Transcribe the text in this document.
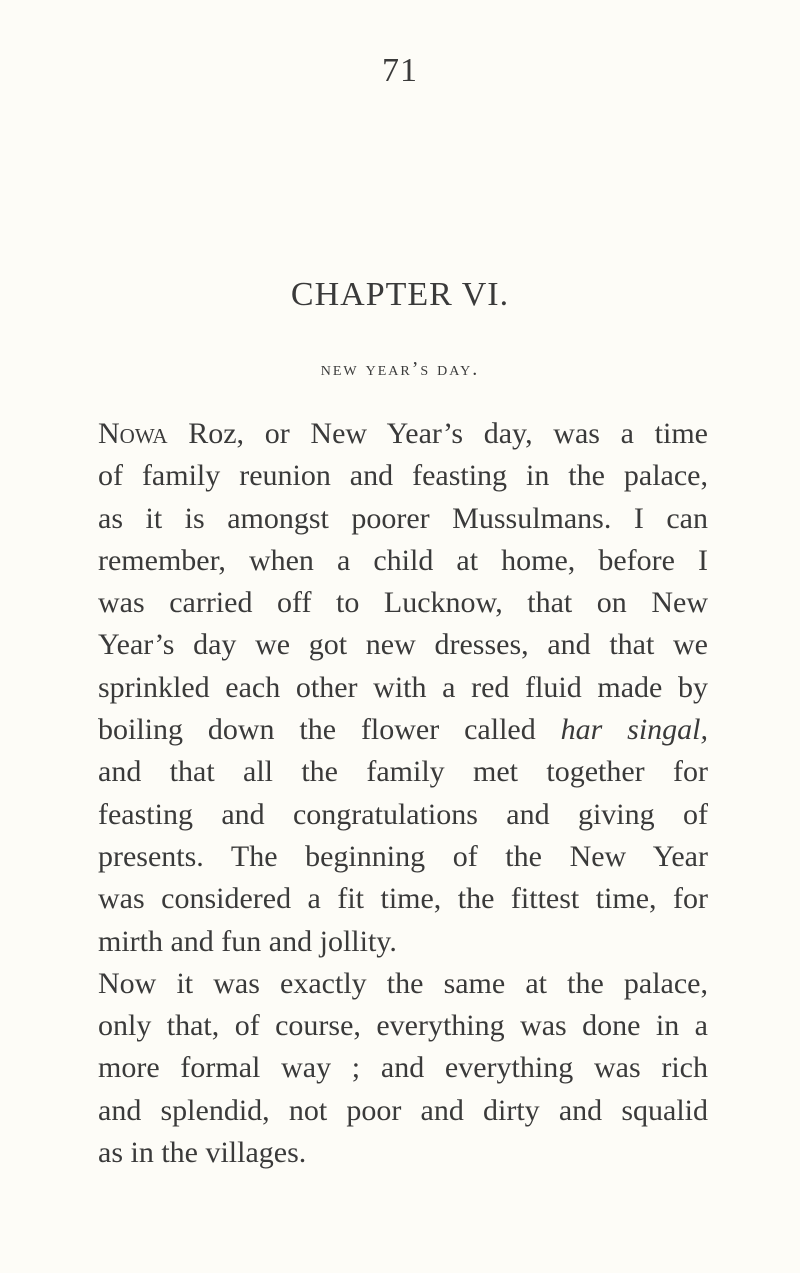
71
CHAPTER VI.
new year’s day.
Nowa Roz, or New Year’s day, was a time
of family reunion and feasting in the palace,
as it is amongst poorer Mussulmans. I can
remember, when a child at home, before I
was carried off to Lucknow, that on New
Year’s day we got new dresses, and that we
sprinkled each other with a red fluid made by
boiling down the flower called har singal,
and that all the family met together for
feasting and congratulations and giving of
presents. The beginning of the New Year
was considered a fit time, the fittest time, for
mirth and fun and jollity.
Now it was exactly the same at the palace,
only that, of course, everything was done in a
more formal way ; and everything was rich
and splendid, not poor and dirty and squalid
as in the villages.
